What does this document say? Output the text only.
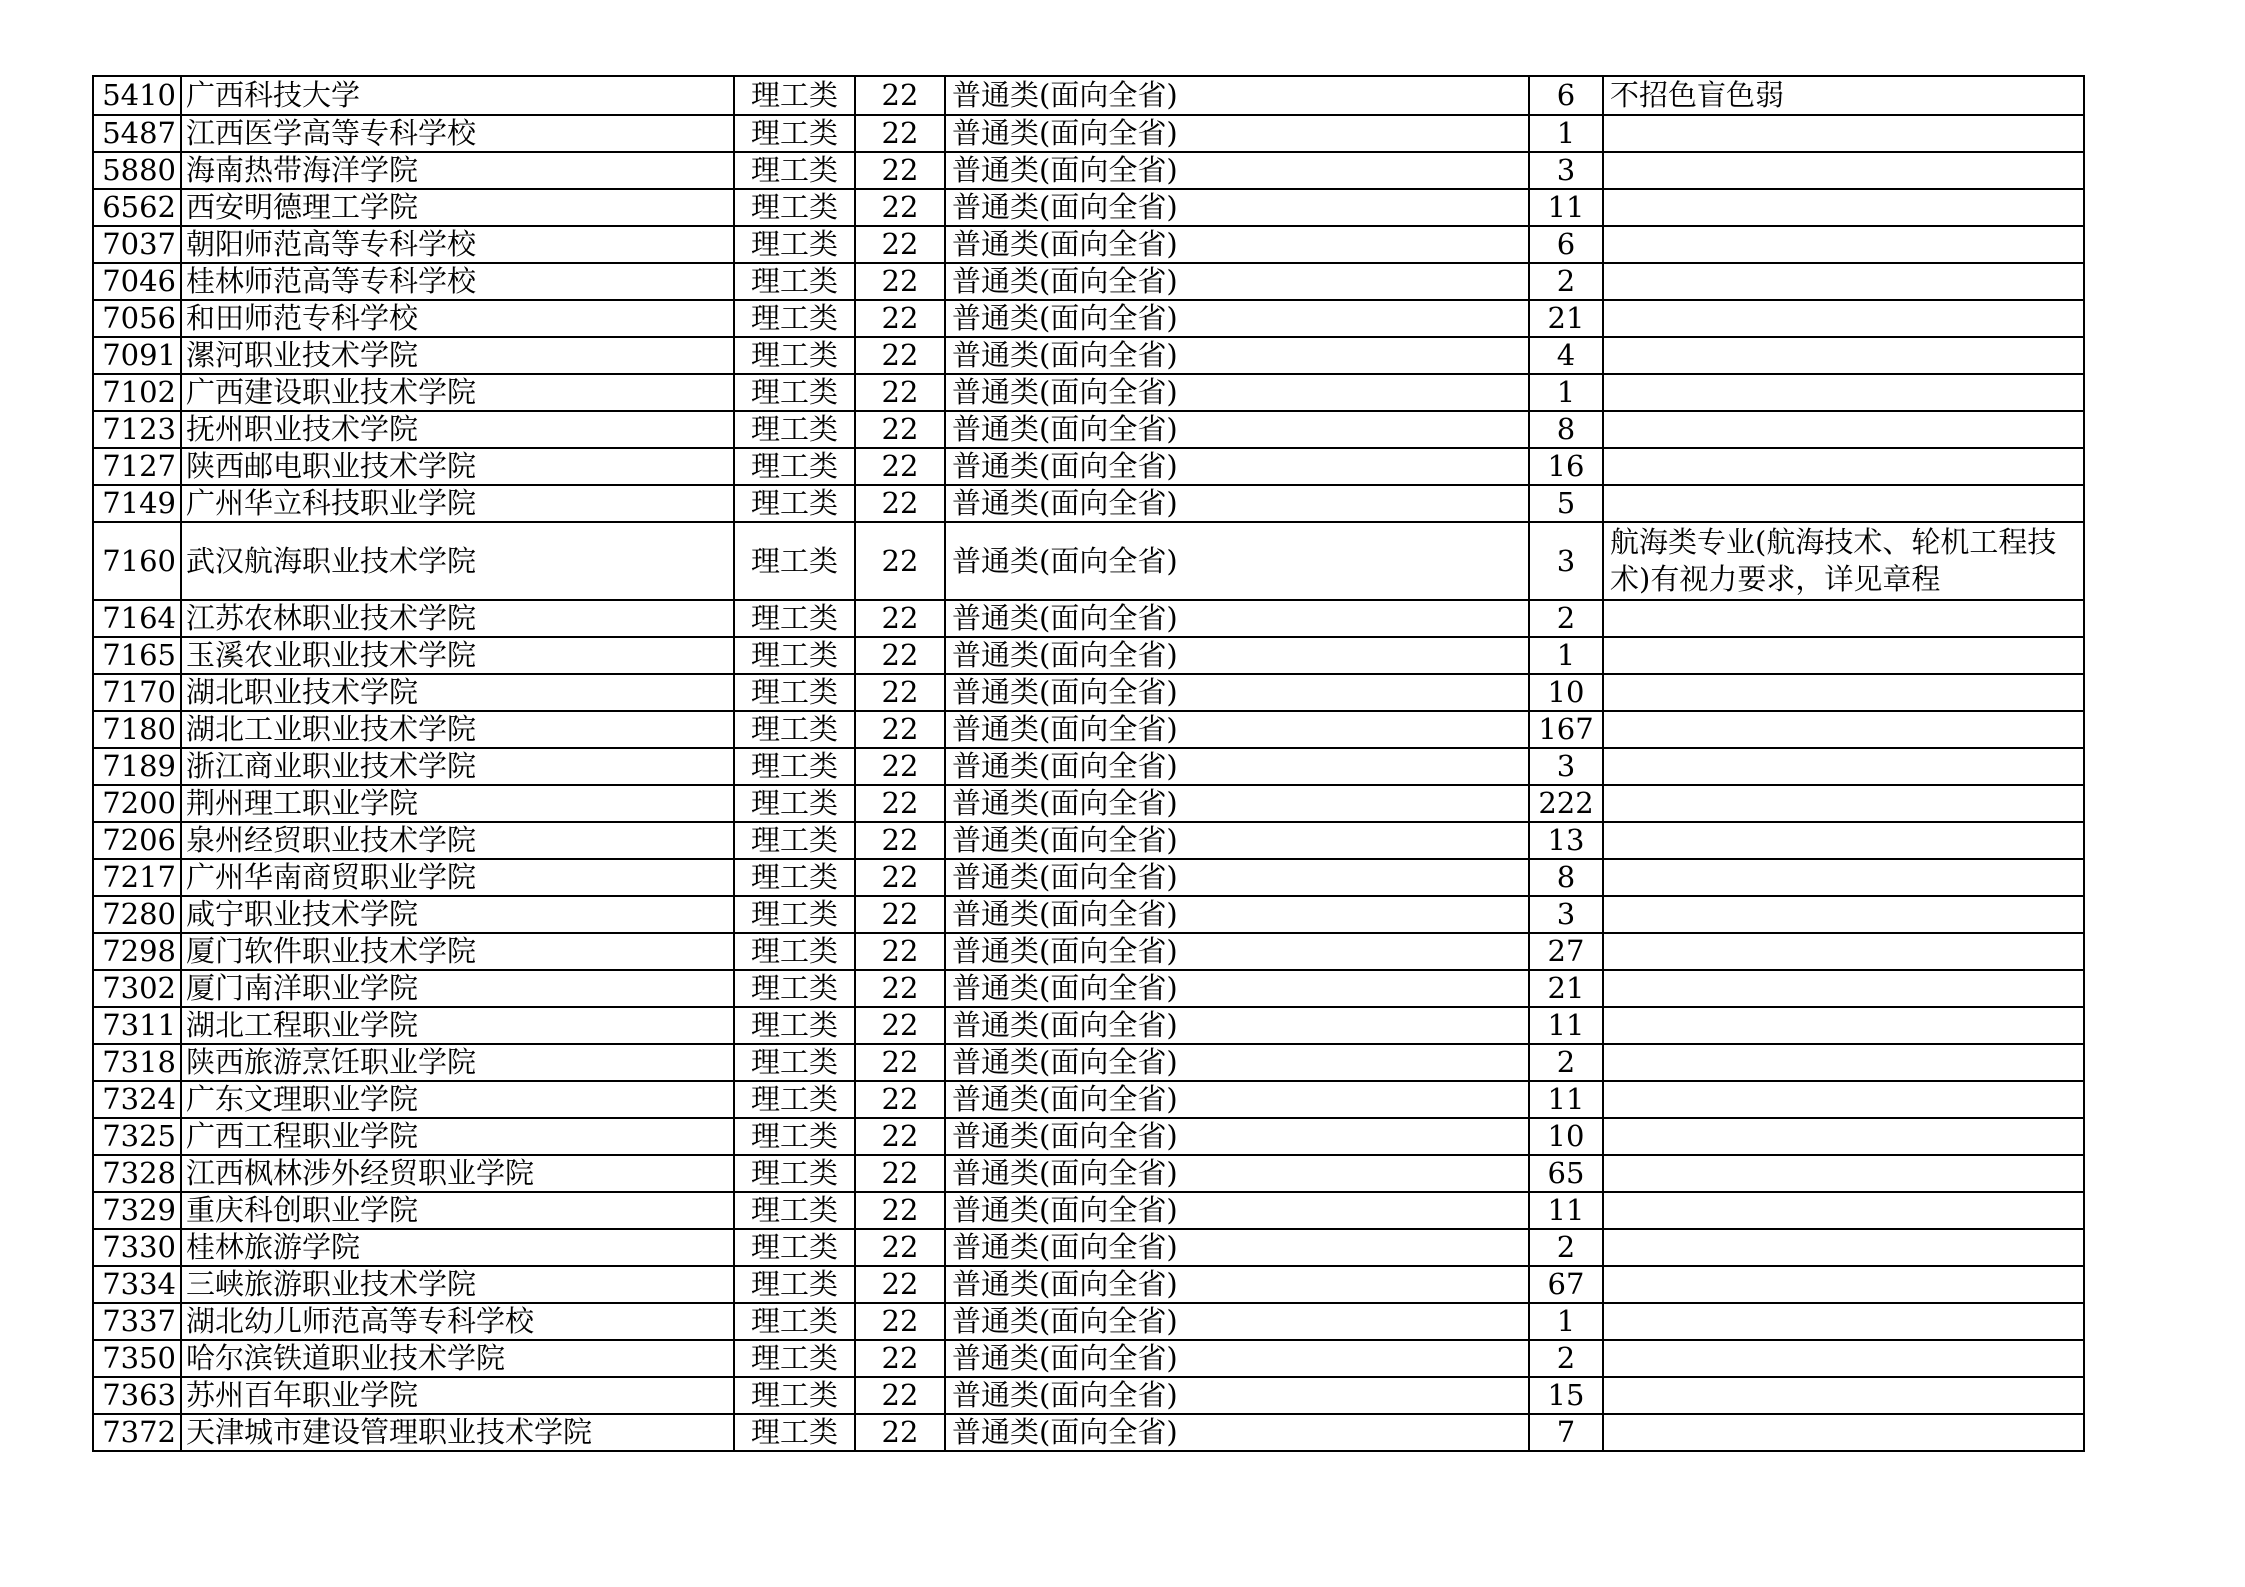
5410	广西科技大学	理工类	22	普通类(面向全省)	6	不招色盲色弱
5487	江西医学高等专科学校	理工类	22	普通类(面向全省)	1	
5880	海南热带海洋学院	理工类	22	普通类(面向全省)	3	
6562	西安明德理工学院	理工类	22	普通类(面向全省)	11	
7037	朝阳师范高等专科学校	理工类	22	普通类(面向全省)	6	
7046	桂林师范高等专科学校	理工类	22	普通类(面向全省)	2	
7056	和田师范专科学校	理工类	22	普通类(面向全省)	21	
7091	漯河职业技术学院	理工类	22	普通类(面向全省)	4	
7102	广西建设职业技术学院	理工类	22	普通类(面向全省)	1	
7123	抚州职业技术学院	理工类	22	普通类(面向全省)	8	
7127	陕西邮电职业技术学院	理工类	22	普通类(面向全省)	16	
7149	广州华立科技职业学院	理工类	22	普通类(面向全省)	5	
7160	武汉航海职业技术学院	理工类	22	普通类(面向全省)	3	航海类专业(航海技术、轮机工程技术)有视力要求，详见章程
7164	江苏农林职业技术学院	理工类	22	普通类(面向全省)	2	
7165	玉溪农业职业技术学院	理工类	22	普通类(面向全省)	1	
7170	湖北职业技术学院	理工类	22	普通类(面向全省)	10	
7180	湖北工业职业技术学院	理工类	22	普通类(面向全省)	167	
7189	浙江商业职业技术学院	理工类	22	普通类(面向全省)	3	
7200	荆州理工职业学院	理工类	22	普通类(面向全省)	222	
7206	泉州经贸职业技术学院	理工类	22	普通类(面向全省)	13	
7217	广州华南商贸职业学院	理工类	22	普通类(面向全省)	8	
7280	咸宁职业技术学院	理工类	22	普通类(面向全省)	3	
7298	厦门软件职业技术学院	理工类	22	普通类(面向全省)	27	
7302	厦门南洋职业学院	理工类	22	普通类(面向全省)	21	
7311	湖北工程职业学院	理工类	22	普通类(面向全省)	11	
7318	陕西旅游烹饪职业学院	理工类	22	普通类(面向全省)	2	
7324	广东文理职业学院	理工类	22	普通类(面向全省)	11	
7325	广西工程职业学院	理工类	22	普通类(面向全省)	10	
7328	江西枫林涉外经贸职业学院	理工类	22	普通类(面向全省)	65	
7329	重庆科创职业学院	理工类	22	普通类(面向全省)	11	
7330	桂林旅游学院	理工类	22	普通类(面向全省)	2	
7334	三峡旅游职业技术学院	理工类	22	普通类(面向全省)	67	
7337	湖北幼儿师范高等专科学校	理工类	22	普通类(面向全省)	1	
7350	哈尔滨铁道职业技术学院	理工类	22	普通类(面向全省)	2	
7363	苏州百年职业学院	理工类	22	普通类(面向全省)	15	
7372	天津城市建设管理职业技术学院	理工类	22	普通类(面向全省)	7	
